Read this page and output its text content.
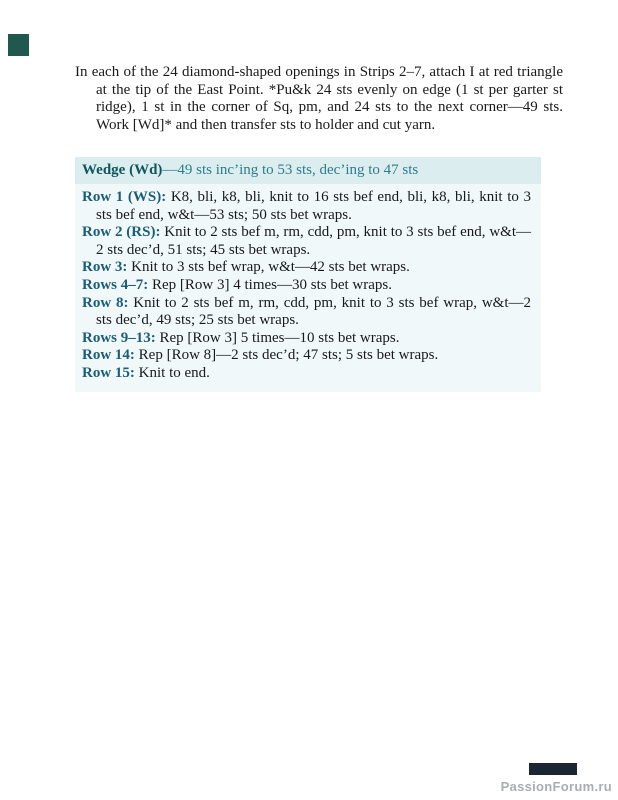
In each of the 24 diamond-shaped openings in Strips 2–7, attach I at red triangle at the tip of the East Point. *Pu&k 24 sts evenly on edge (1 st per garter st ridge), 1 st in the corner of Sq, pm, and 24 sts to the next corner—49 sts. Work [Wd]* and then transfer sts to holder and cut yarn.

Wedge (Wd)—49 sts inc’ing to 53 sts, dec’ing to 47 sts

Row 1 (WS): K8, bli, k8, bli, knit to 16 sts bef end, bli, k8, bli, knit to 3 sts bef end, w&t—53 sts; 50 sts bet wraps.

Row 2 (RS): Knit to 2 sts bef m, rm, cdd, pm, knit to 3 sts bef end, w&t—2 sts dec’d, 51 sts; 45 sts bet wraps.

Row 3: Knit to 3 sts bef wrap, w&t—42 sts bet wraps.

Rows 4–7: Rep [Row 3] 4 times—30 sts bet wraps.

Row 8: Knit to 2 sts bef m, rm, cdd, pm, knit to 3 sts bef wrap, w&t—2 sts dec’d, 49 sts; 25 sts bet wraps.

Rows 9–13: Rep [Row 3] 5 times—10 sts bet wraps.

Row 14: Rep [Row 8]—2 sts dec’d; 47 sts; 5 sts bet wraps.

Row 15: Knit to end.

PassionForum.ru
